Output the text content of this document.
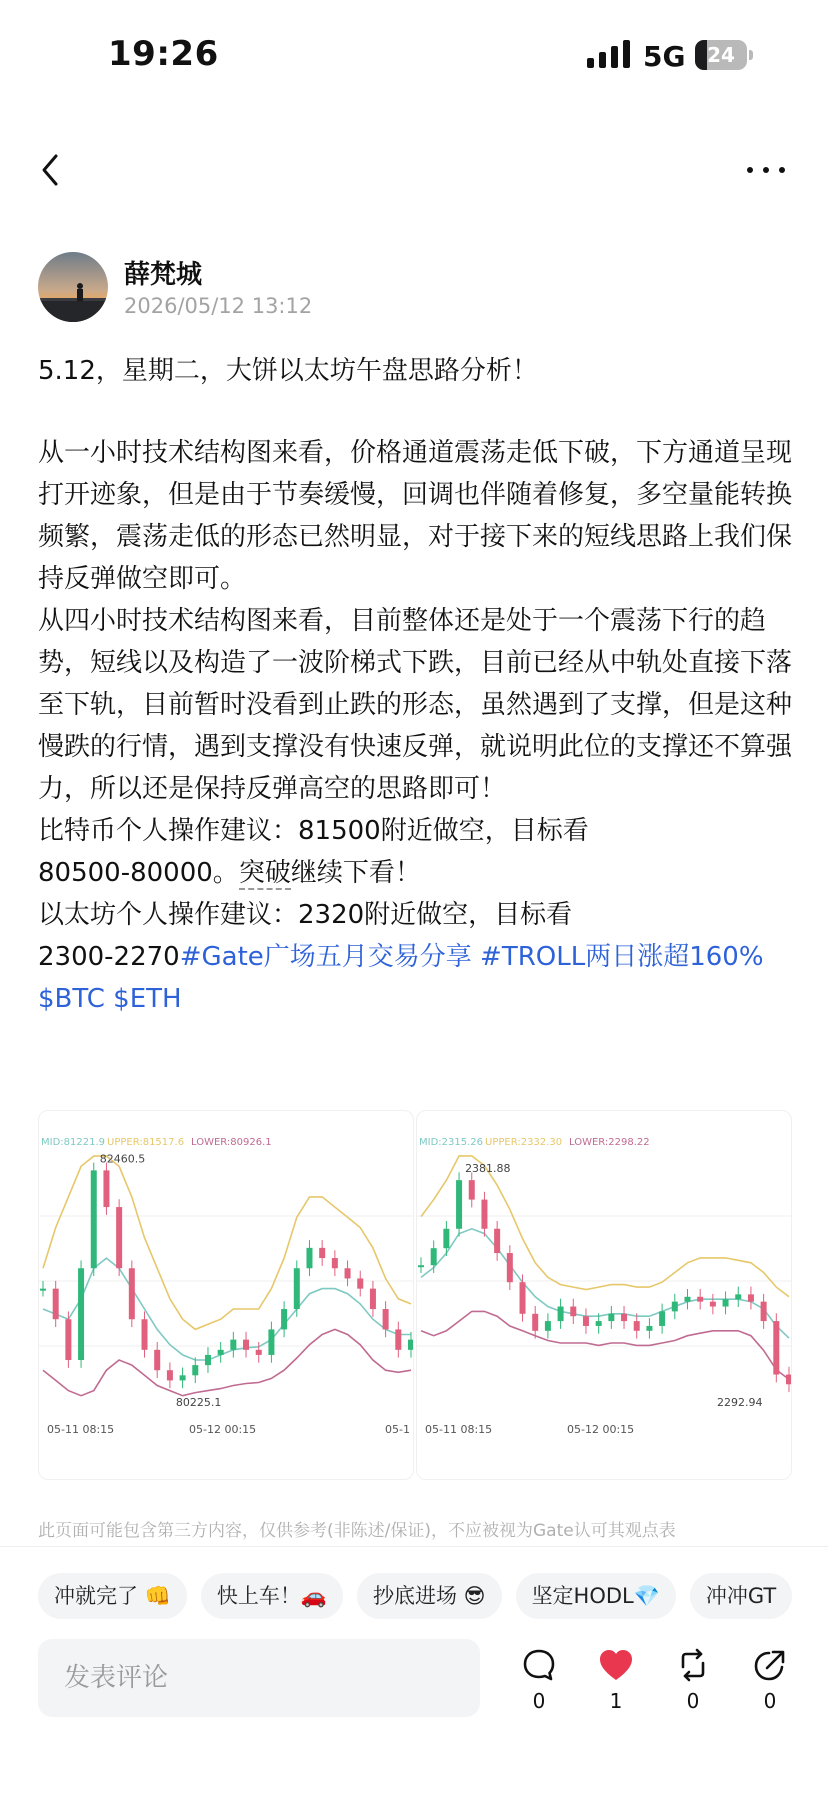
19:26	5G	24
薛梵城
2026/05/12 13:12
5.12，星期二，大饼以太坊午盘思路分析！

从一小时技术结构图来看，价格通道震荡走低下破，下方通道呈现打开迹象，但是由于节奏缓慢，回调也伴随着修复，多空量能转换频繁，震荡走低的形态已然明显，对于接下来的短线思路上我们保持反弹做空即可。

从四小时技术结构图来看，目前整体还是处于一个震荡下行的趋势，短线以及构造了一波阶梯式下跌，目前已经从中轨处直接下落至下轨，目前暂时没看到止跌的形态，虽然遇到了支撑，但是这种慢跌的行情，遇到支撑没有快速反弹，就说明此位的支撑还不算强力，所以还是保持反弹高空的思路即可！

比特币个人操作建议：81500附近做空，目标看

80500-80000。突破继续下看！

以太坊个人操作建议：2320附近做空，目标看

2300-2270#Gate广场五月交易分享 #TROLL两日涨超160% $BTC $ETH

MID:81221.9 UPPER:81517.6 LOWER:80926.1
82460.5
80225.1
05-11 08:15	05-12 00:15	05-1
MID:2315.26 UPPER:2332.30 LOWER:2298.22
2381.88
2292.94
05-11 08:15	05-12 00:15
此页面可能包含第三方内容，仅供参考(非陈述/保证)，不应被视为Gate认可其观点表
冲就完了 👊 快上车！🚗 抄底进场 😎 坚定HODL💎 冲冲GT
发表评论
0	1	0	0
